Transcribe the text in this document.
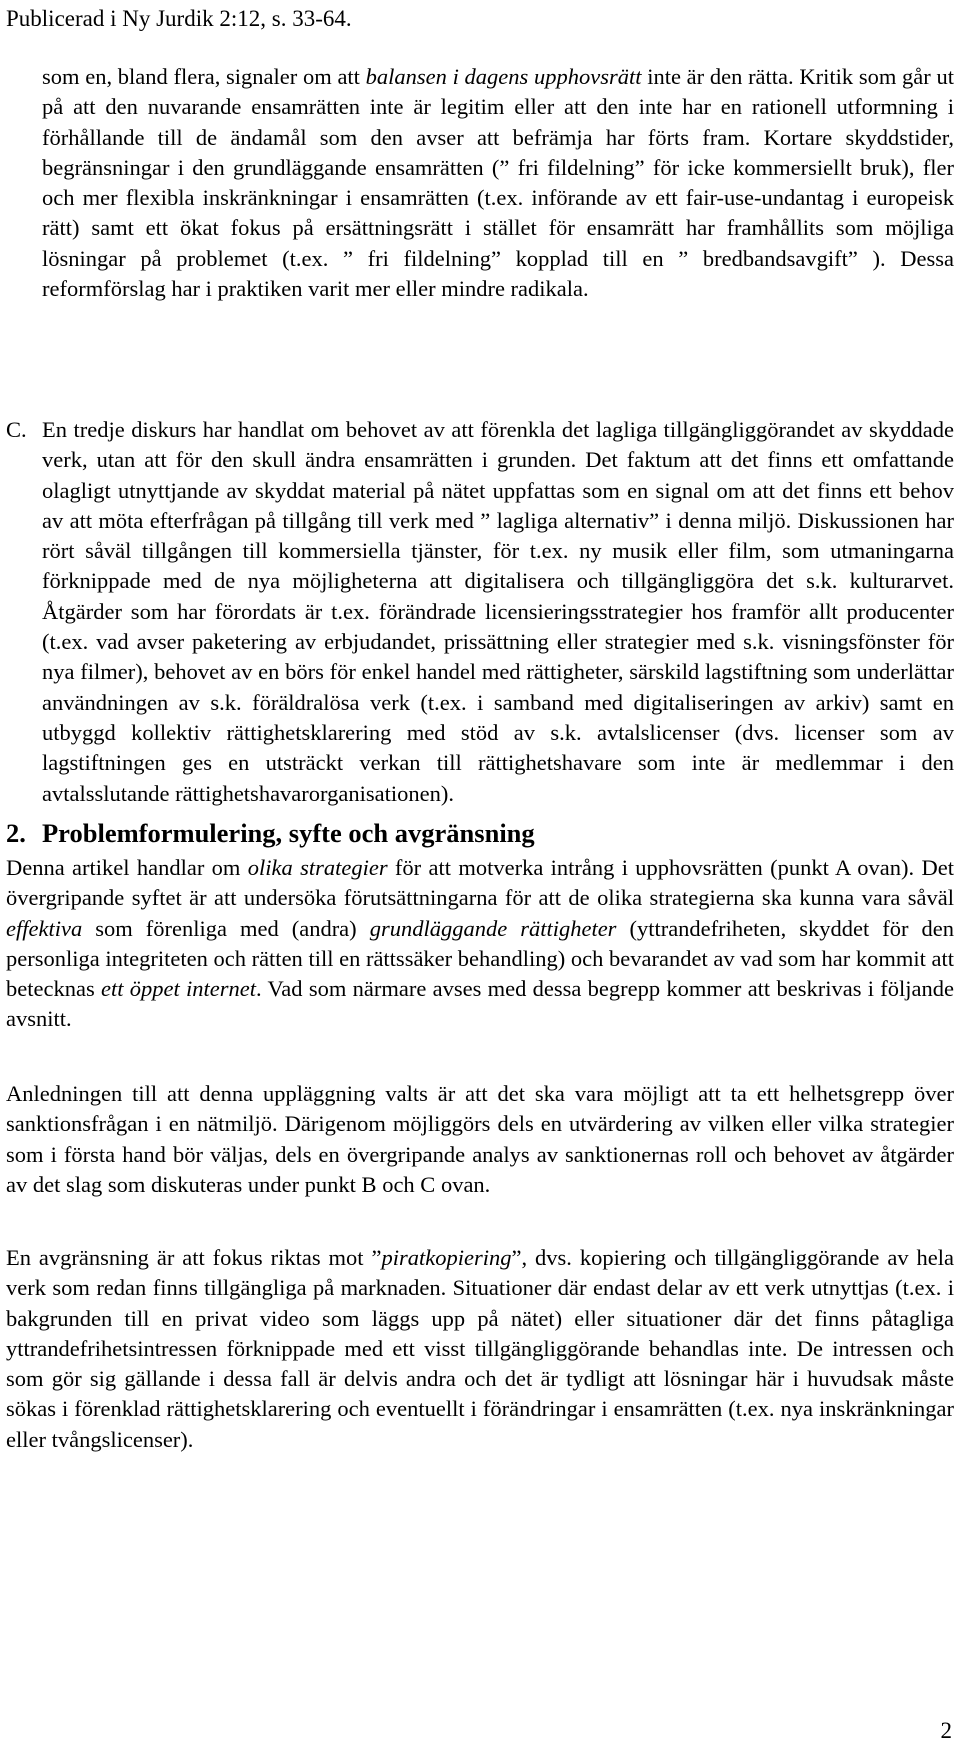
Publicerad i Ny Jurdik 2:12, s. 33-64.
som en, bland flera, signaler om att balansen i dagens upphovsrätt inte är den rätta. Kritik som går ut på att den nuvarande ensamrätten inte är legitim eller att den inte har en rationell utformning i förhållande till de ändamål som den avser att befrämja har förts fram. Kortare skyddstider, begränsningar i den grundläggande ensamrätten (” fri fildelning” för icke kommersiellt bruk), fler och mer flexibla inskränkningar i ensamrätten (t.ex. införande av ett fair-use-undantag i europeisk rätt) samt ett ökat fokus på ersättningsrätt i stället för ensamrätt har framhållits som möjliga lösningar på problemet (t.ex. ” fri fildelning” kopplad till en ” bredbandsavgift” ). Dessa reformförslag har i praktiken varit mer eller mindre radikala.
C. En tredje diskurs har handlat om behovet av att förenkla det lagliga tillgängliggörandet av skyddade verk, utan att för den skull ändra ensamrätten i grunden. Det faktum att det finns ett omfattande olagligt utnyttjande av skyddat material på nätet uppfattas som en signal om att det finns ett behov av att möta efterfrågan på tillgång till verk med ” lagliga alternativ” i denna miljö. Diskussionen har rört såväl tillgången till kommersiella tjänster, för t.ex. ny musik eller film, som utmaningarna förknippade med de nya möjligheterna att digitalisera och tillgängliggöra det s.k. kulturarvet. Åtgärder som har förordats är t.ex. förändrade licensieringsstrategier hos framför allt producenter (t.ex. vad avser paketering av erbjudandet, prissättning eller strategier med s.k. visningsfönster för nya filmer), behovet av en börs för enkel handel med rättigheter, särskild lagstiftning som underlättar användningen av s.k. föräldralösa verk (t.ex. i samband med digitaliseringen av arkiv) samt en utbyggd kollektiv rättighetsklarering med stöd av s.k. avtalslicenser (dvs. licenser som av lagstiftningen ges en utsträckt verkan till rättighetshavare som inte är medlemmar i den avtalsslutande rättighetshavarorganisationen).
2. Problemformulering, syfte och avgränsning
Denna artikel handlar om olika strategier för att motverka intrång i upphovsrätten (punkt A ovan). Det övergripande syftet är att undersöka förutsättningarna för att de olika strategierna ska kunna vara såväl effektiva som förenliga med (andra) grundläggande rättigheter (yttrandefriheten, skyddet för den personliga integriteten och rätten till en rättssäker behandling) och bevarandet av vad som har kommit att betecknas ett öppet internet. Vad som närmare avses med dessa begrepp kommer att beskrivas i följande avsnitt.
Anledningen till att denna uppläggning valts är att det ska vara möjligt att ta ett helhetsgrepp över sanktionsfrågan i en nätmiljö. Därigenom möjliggörs dels en utvärdering av vilken eller vilka strategier som i första hand bör väljas, dels en övergripande analys av sanktionernas roll och behovet av åtgärder av det slag som diskuteras under punkt B och C ovan.
En avgränsning är att fokus riktas mot ”piratkopiering”, dvs. kopiering och tillgängliggörande av hela verk som redan finns tillgängliga på marknaden. Situationer där endast delar av ett verk utnyttjas (t.ex. i bakgrunden till en privat video som läggs upp på nätet) eller situationer där det finns påtagliga yttrandefrihetsintressen förknippade med ett visst tillgängliggörande behandlas inte. De intressen och som gör sig gällande i dessa fall är delvis andra och det är tydligt att lösningar här i huvudsak måste sökas i förenklad rättighetsklarering och eventuellt i förändringar i ensamrätten (t.ex. nya inskränkningar eller tvångslicenser).
2
